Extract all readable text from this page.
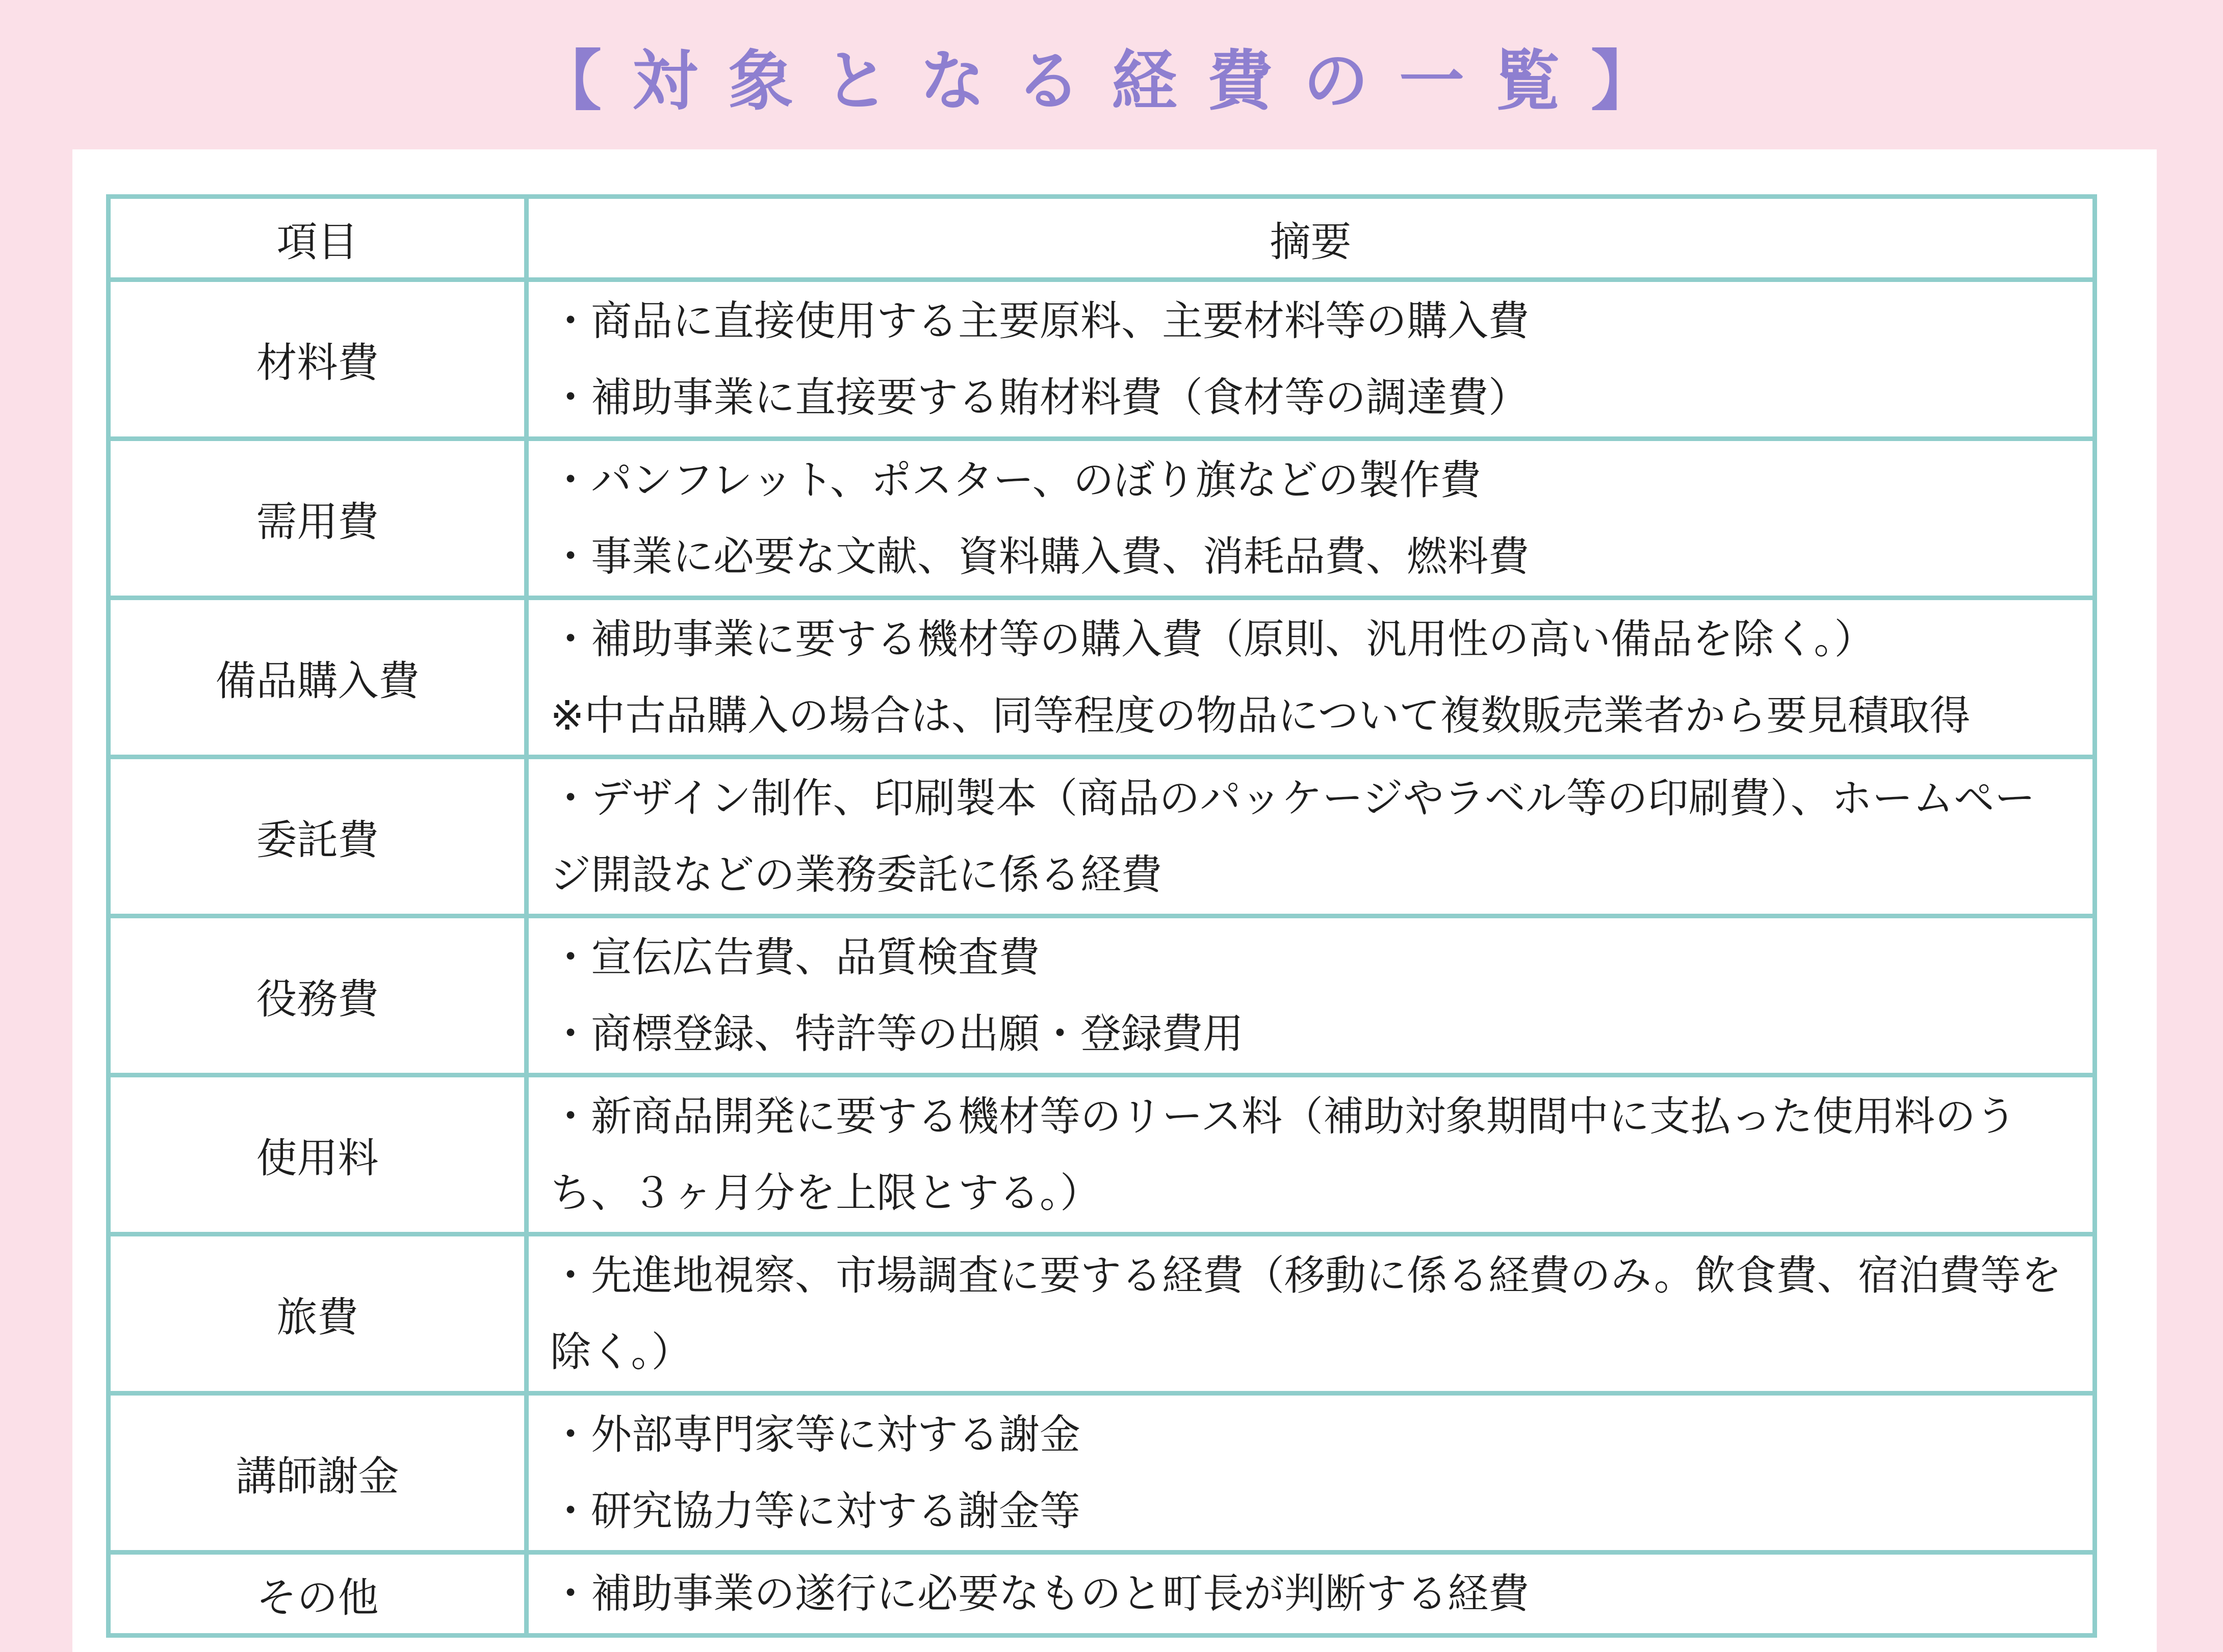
【対象となる経費の一覧】
項目	摘要
材料費	・商品に直接使用する主要原料、主要材料等の購入費
・補助事業に直接要する賄材料費（食材等の調達費）

需用費	・パンフレット、ポスター、のぼり旗などの製作費
・事業に必要な文献、資料購入費、消耗品費、燃料費

備品購入費	・補助事業に要する機材等の購入費（原則、汎用性の高い備品を除く。）
※中古品購入の場合は、同等程度の物品について複数販売業者から要見積取得

委託費	・デザイン制作、印刷製本（商品のパッケージやラベル等の印刷費）、ホームページ開設などの業務委託に係る経費

役務費	・宣伝広告費、品質検査費
・商標登録、特許等の出願・登録費用

使用料	・新商品開発に要する機材等のリース料（補助対象期間中に支払った使用料のうち、３ヶ月分を上限とする。）

旅費	・先進地視察、市場調査に要する経費（移動に係る経費のみ。飲食費、宿泊費等を除く。）

講師謝金	・外部専門家等に対する謝金
・研究協力等に対する謝金等

その他	・補助事業の遂行に必要なものと町長が判断する経費
